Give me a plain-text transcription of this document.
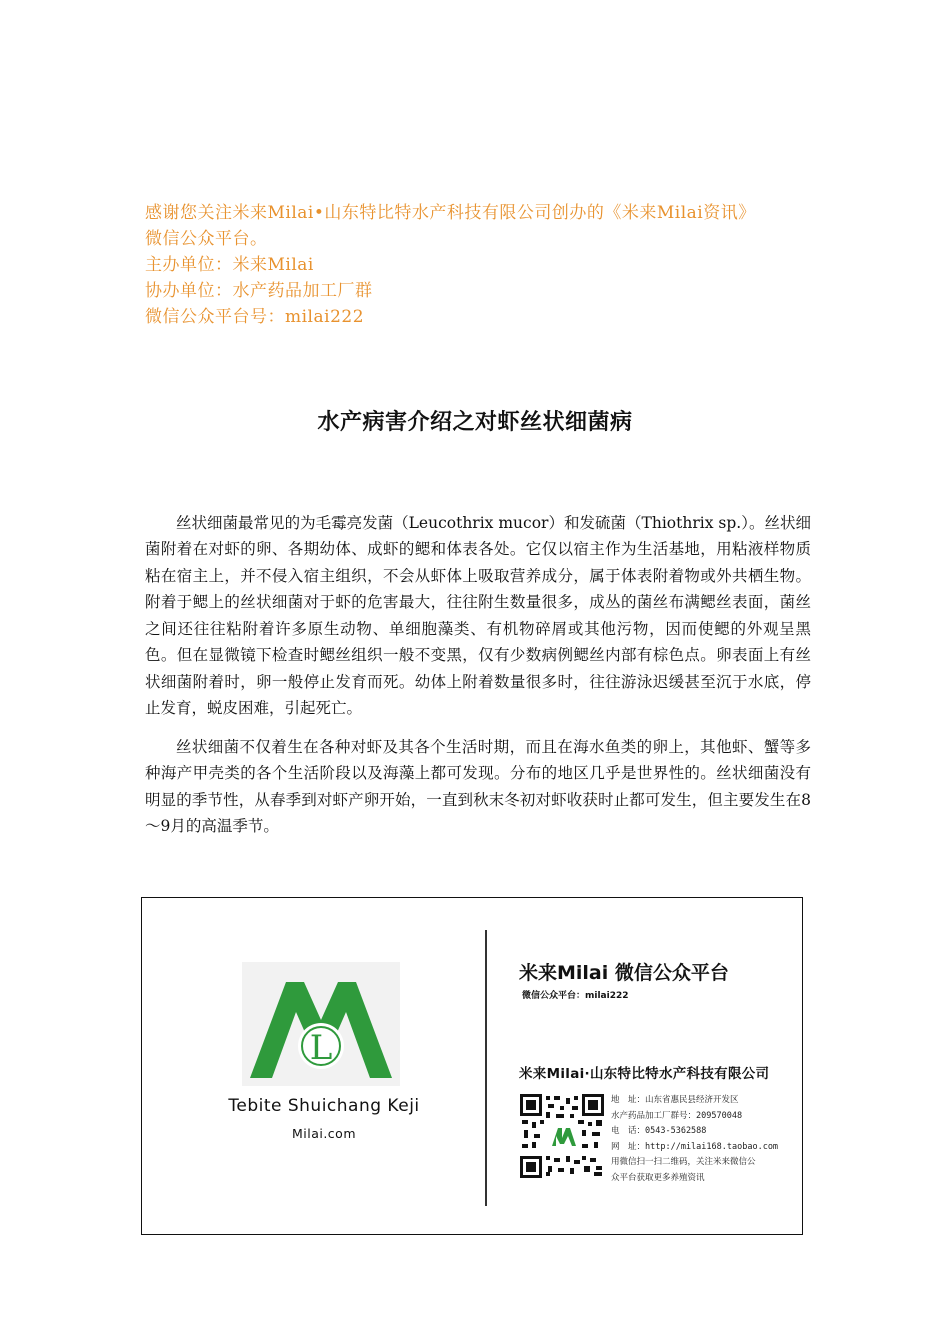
感谢您关注米来Milai•山东特比特水产科技有限公司创办的《米来Milai资讯》
微信公众平台。
主办单位：米来Milai
协办单位：水产药品加工厂群
微信公众平台号：milai222
水产病害介绍之对虾丝状细菌病

丝状细菌最常见的为毛霉亮发菌（Leucothrix mucor）和发硫菌（Thiothrix sp.）。丝状细菌附着在对虾的卵、各期幼体、成虾的鳃和体表各处。它仅以宿主作为生活基地，用粘液样物质粘在宿主上，并不侵入宿主组织，不会从虾体上吸取营养成分，属于体表附着物或外共栖生物。附着于鳃上的丝状细菌对于虾的危害最大，往往附生数量很多，成丛的菌丝布满鳃丝表面，菌丝之间还往往粘附着许多原生动物、单细胞藻类、有机物碎屑或其他污物，因而使鳃的外观呈黑色。但在显微镜下检查时鳃丝组织一般不变黑，仅有少数病例鳃丝内部有棕色点。卵表面上有丝状细菌附着时，卵一般停止发育而死。幼体上附着数量很多时，往往游泳迟缓甚至沉于水底，停止发育，蜕皮困难，引起死亡。

丝状细菌不仅着生在各种对虾及其各个生活时期，而且在海水鱼类的卵上，其他虾、蟹等多种海产甲壳类的各个生活阶段以及海藻上都可发现。分布的地区几乎是世界性的。丝状细菌没有明显的季节性，从春季到对虾产卵开始，一直到秋末冬初对虾收获时止都可发生，但主要发生在8～9月的高温季节。

L
Tebite Shuichang Keji
Milai.com
米来Milai 微信公众平台
微信公众平台：milai222
米来Milai·山东特比特水产科技有限公司
地　址：山东省惠民县经济开发区
水产药品加工厂群号：209570048
电　话：0543-5362588
网　址：http://milai168.taobao.com
用微信扫一扫二维码，关注米来微信公
众平台获取更多养殖资讯
